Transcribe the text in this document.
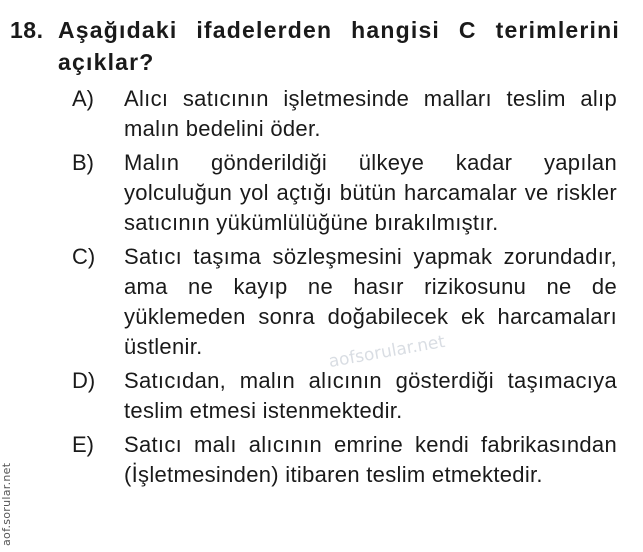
18. Aşağıdaki ifadelerden hangisi C terimlerini açıklar?
A)	Alıcı satıcının işletmesinde malları teslim alıp malın bedelini öder.
B)	Malın gönderildiği ülkeye kadar yapılan yolculuğun yol açtığı bütün harcamalar ve riskler satıcının yükümlülüğüne bırakılmıştır.
C)	Satıcı taşıma sözleşmesini yapmak zorundadır, ama ne kayıp ne hasır rizikosunu ne de yüklemeden sonra doğabilecek ek harcamaları üstlenir.
D)	Satıcıdan, malın alıcının gösterdiği taşımacıya teslim etmesi istenmektedir.
E)	Satıcı malı alıcının emrine kendi fabrikasından (İşletmesinden) itibaren teslim etmektedir.
aof.sorular.net
aofsorular.net
